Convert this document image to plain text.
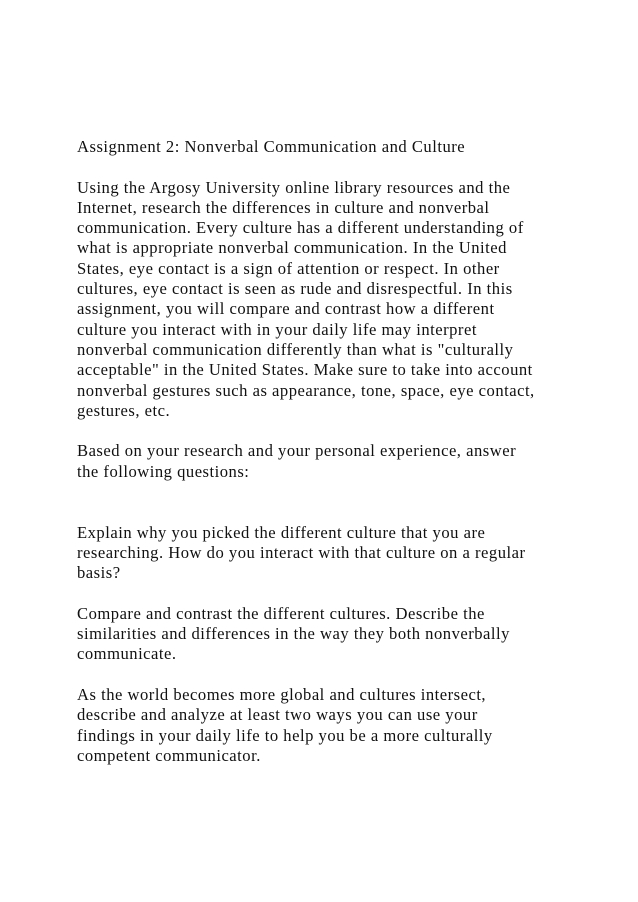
Assignment 2: Nonverbal Communication and Culture
Using the Argosy University online library resources and the
Internet, research the differences in culture and nonverbal
communication. Every culture has a different understanding of
what is appropriate nonverbal communication. In the United
States, eye contact is a sign of attention or respect. In other
cultures, eye contact is seen as rude and disrespectful. In this
assignment, you will compare and contrast how a different
culture you interact with in your daily life may interpret
nonverbal communication differently than what is "culturally
acceptable" in the United States. Make sure to take into account
nonverbal gestures such as appearance, tone, space, eye contact,
gestures, etc.
Based on your research and your personal experience, answer
the following questions:
Explain why you picked the different culture that you are
researching. How do you interact with that culture on a regular
basis?
Compare and contrast the different cultures. Describe the
similarities and differences in the way they both nonverbally
communicate.
As the world becomes more global and cultures intersect,
describe and analyze at least two ways you can use your
findings in your daily life to help you be a more culturally
competent communicator.
